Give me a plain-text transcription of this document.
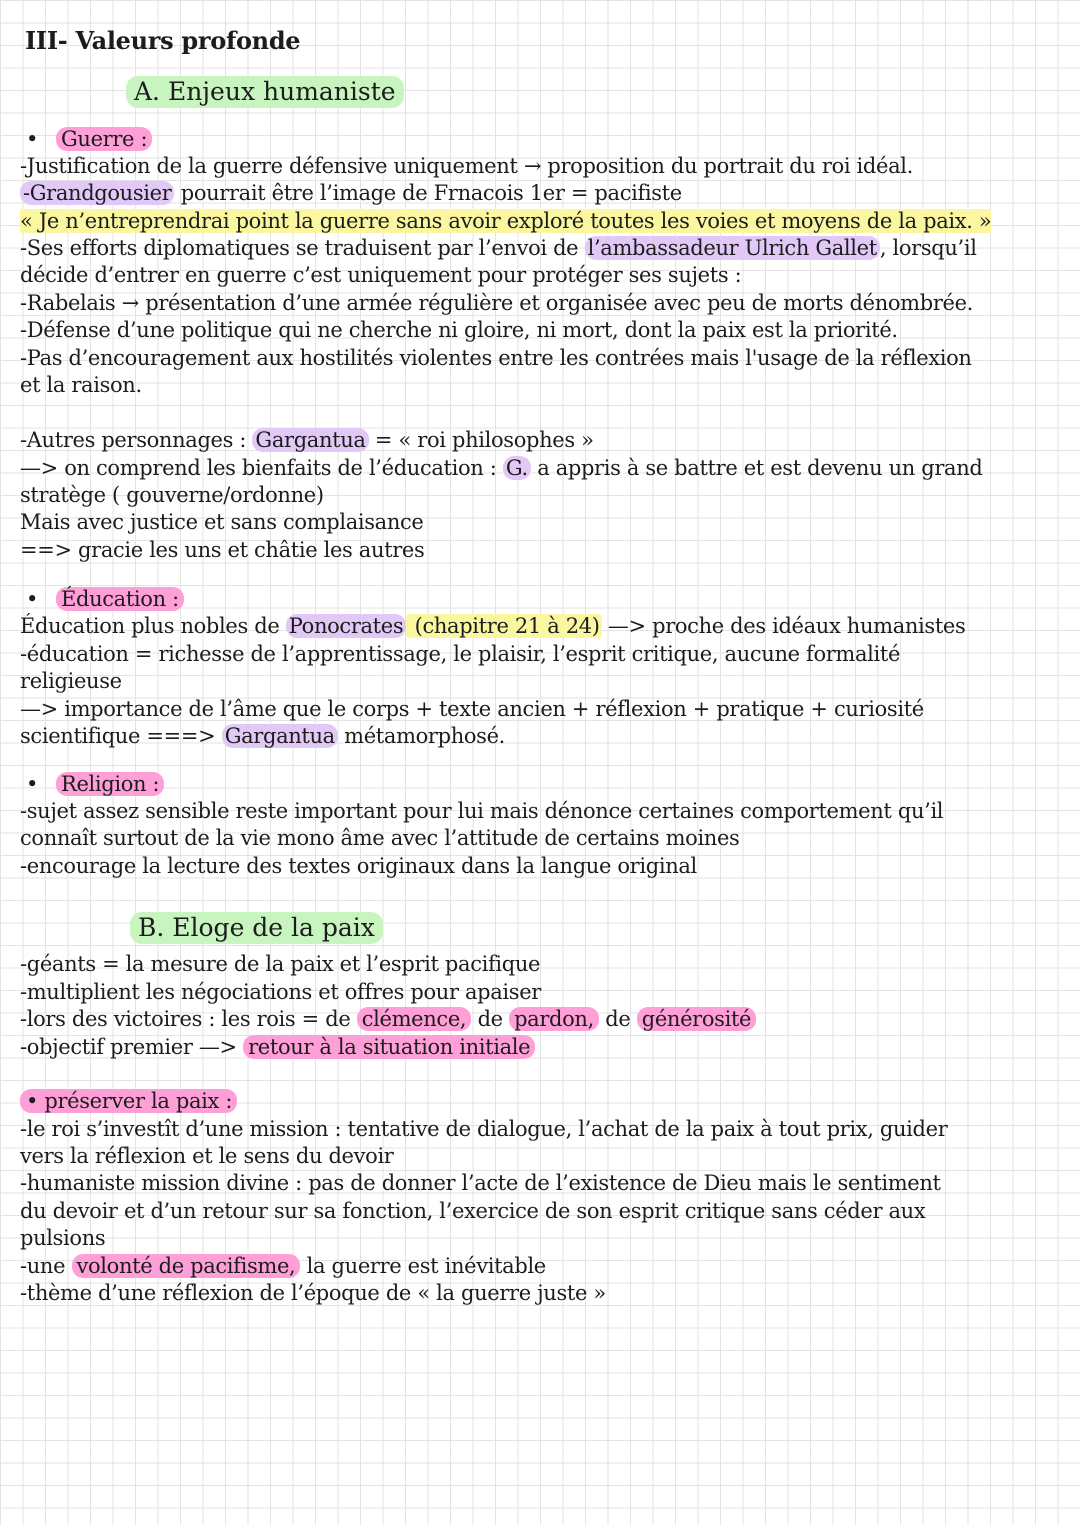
III- Valeurs profonde
A. Enjeux humaniste
• Guerre :
-Justification de la guerre défensive uniquement → proposition du portrait du roi idéal.
-Grandgousier pourrait être l’image de Frnacois 1er = pacifiste
« Je n’entreprendrai point la guerre sans avoir exploré toutes les voies et moyens de la paix. »
-Ses efforts diplomatiques se traduisent par l’envoi de l’ambassadeur Ulrich Gallet , lorsqu’il
décide d’entrer en guerre c’est uniquement pour protéger ses sujets :
-Rabelais → présentation d’une armée régulière et organisée avec peu de morts dénombrée.
-Défense d’une politique qui ne cherche ni gloire, ni mort, dont la paix est la priorité.
-Pas d’encouragement aux hostilités violentes entre les contrées mais l'usage de la réflexion
et la raison.
-Autres personnages : Gargantua = « roi philosophes »
—> on comprend les bienfaits de l’éducation : G. a appris à se battre et est devenu un grand
stratège ( gouverne/ordonne)
Mais avec justice et sans complaisance
==> gracie les uns et châtie les autres
• Éducation :
Éducation plus nobles de Ponocrates (chapitre 21 à 24) —> proche des idéaux humanistes
-éducation = richesse de l’apprentissage, le plaisir, l’esprit critique, aucune formalité
religieuse
—> importance de l’âme que le corps + texte ancien + réflexion + pratique + curiosité
scientifique ===> Gargantua métamorphosé.
• Religion :
-sujet assez sensible reste important pour lui mais dénonce certaines comportement qu’il
connaît surtout de la vie mono âme avec l’attitude de certains moines
-encourage la lecture des textes originaux dans la langue original
B. Eloge de la paix
-géants = la mesure de la paix et l’esprit pacifique
-multiplient les négociations et offres pour apaiser
-lors des victoires : les rois = de clémence, de pardon, de générosité
-objectif premier —> retour à la situation initiale
• préserver la paix :
-le roi s’investît d’une mission : tentative de dialogue, l’achat de la paix à tout prix, guider
vers la réflexion et le sens du devoir
-humaniste mission divine : pas de donner l’acte de l’existence de Dieu mais le sentiment
du devoir et d’un retour sur sa fonction, l’exercice de son esprit critique sans céder aux
pulsions
-une volonté de pacifisme, la guerre est inévitable
-thème d’une réflexion de l’époque de « la guerre juste »
